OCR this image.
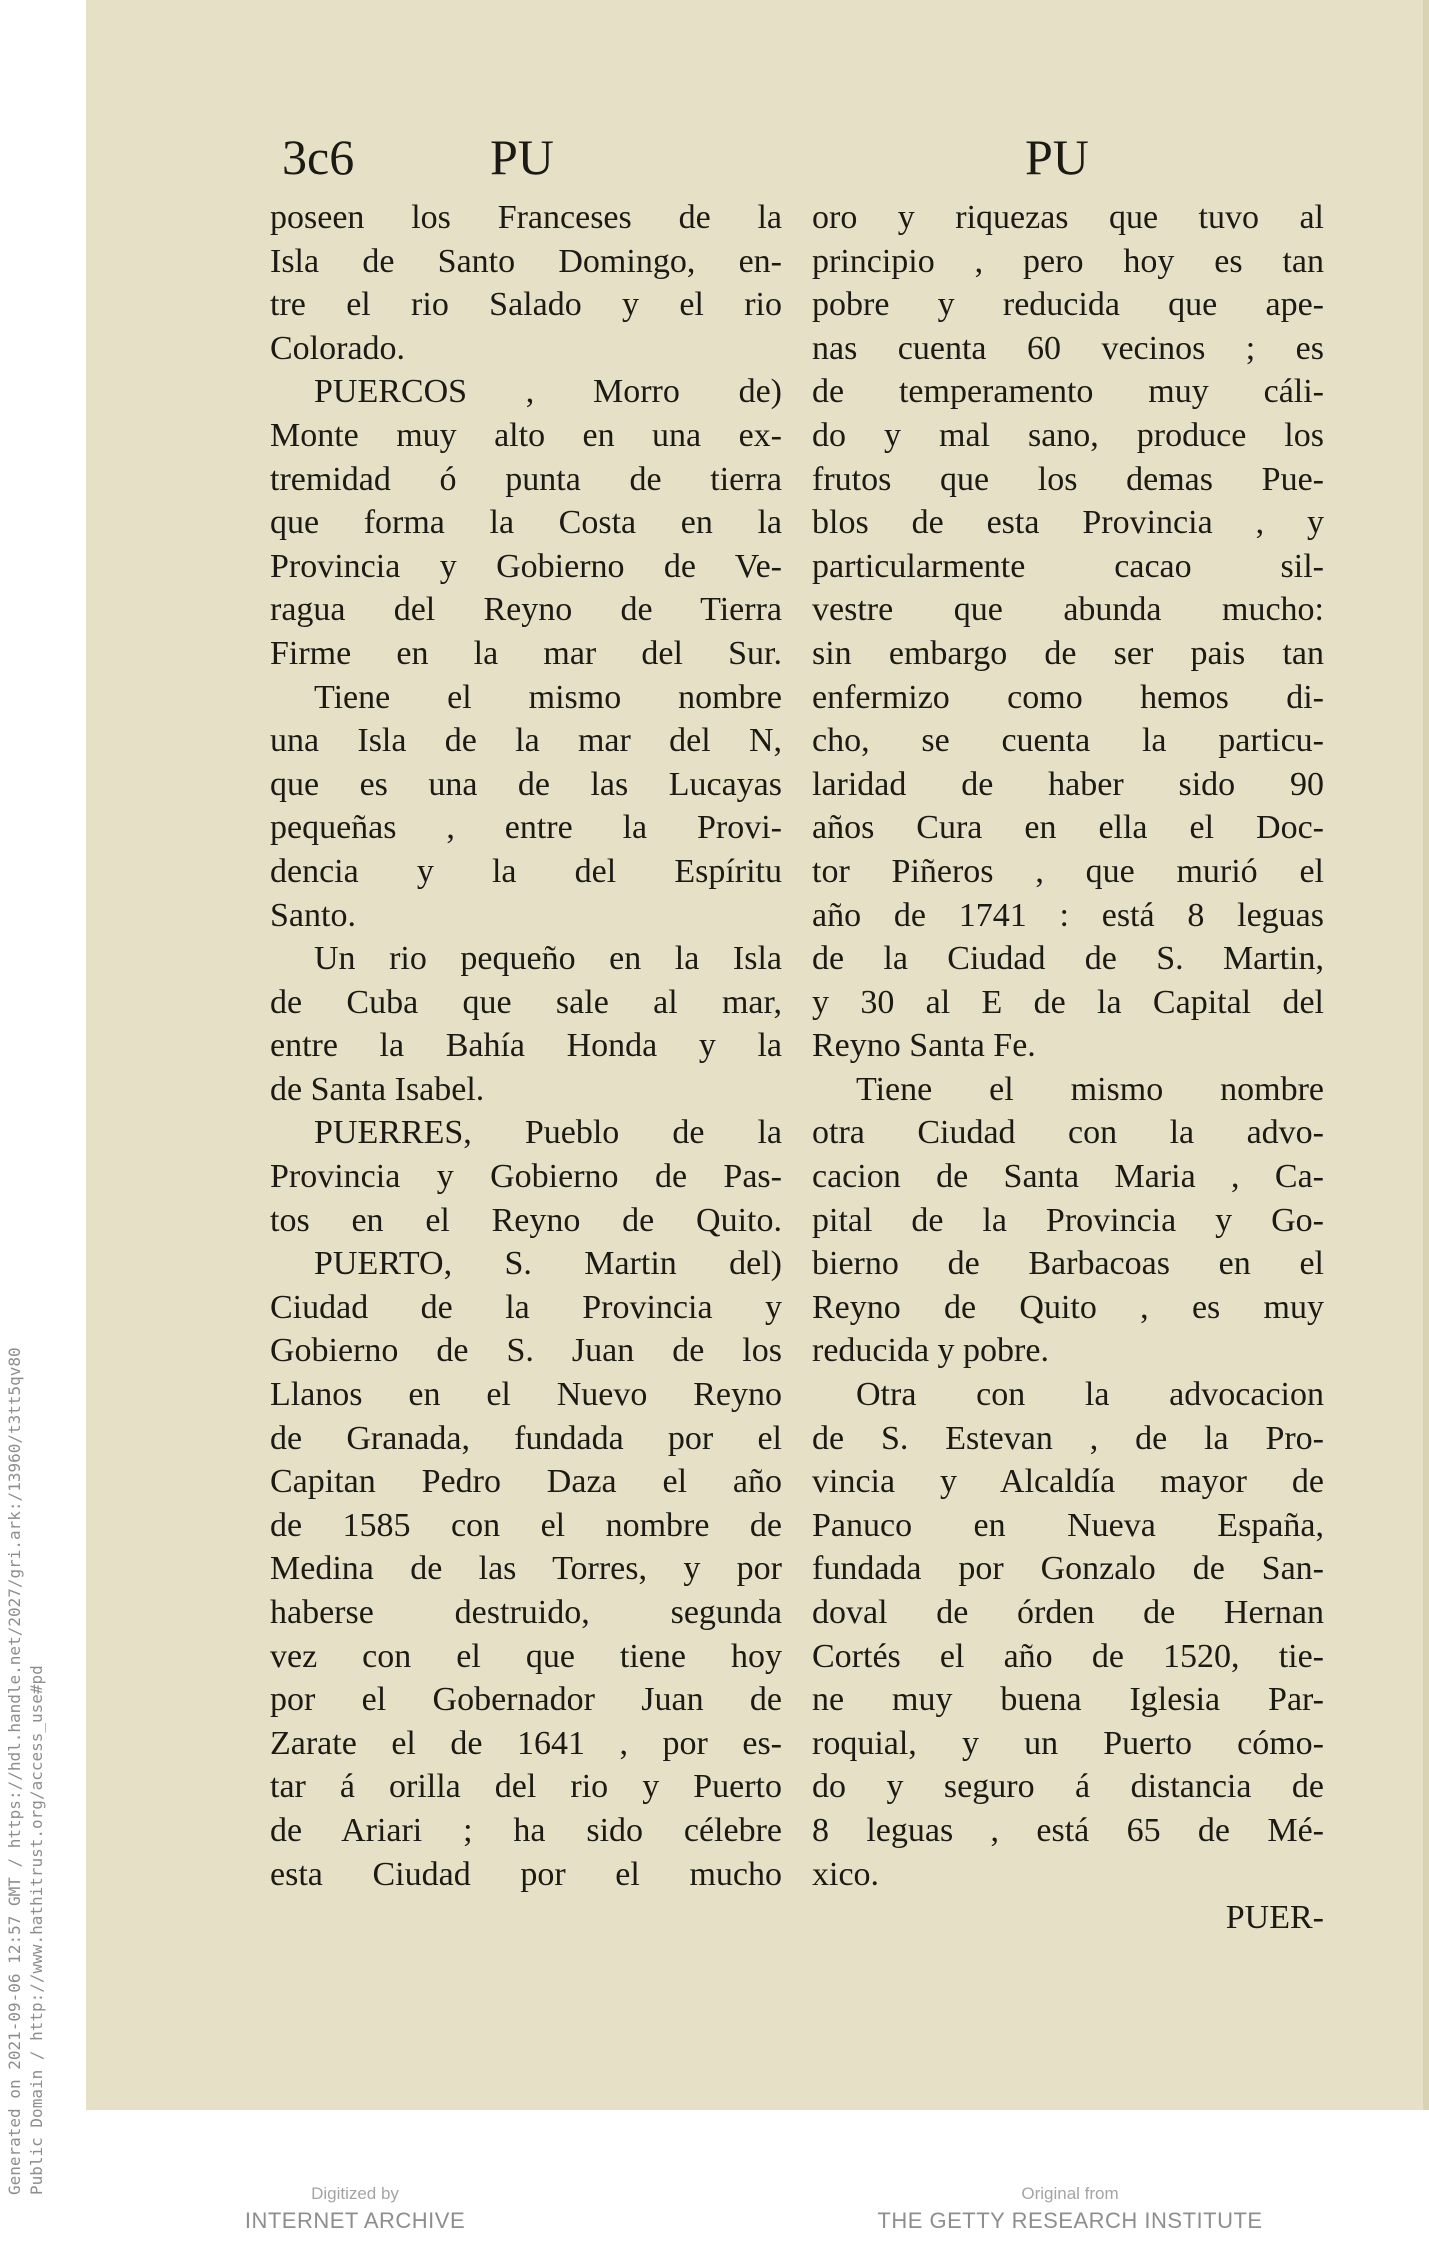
3c6	PU	PU
poseen los Franceses de la
Isla de Santo Domingo, en-
tre el rio Salado y el rio
Colorado.
PUERCOS , Morro de)
Monte muy alto en una ex-
tremidad ó punta de tierra
que forma la Costa en la
Provincia y Gobierno de Ve-
ragua del Reyno de Tierra
Firme en la mar del Sur.
Tiene el mismo nombre
una Isla de la mar del N,
que es una de las Lucayas
pequeñas , entre la Provi-
dencia y la del Espíritu
Santo.
Un rio pequeño en la Isla
de Cuba que sale al mar,
entre la Bahía Honda y la
de Santa Isabel.
PUERRES, Pueblo de la
Provincia y Gobierno de Pas-
tos en el Reyno de Quito.
PUERTO, S. Martin del)
Ciudad de la Provincia y
Gobierno de S. Juan de los
Llanos en el Nuevo Reyno
de Granada, fundada por el
Capitan Pedro Daza el año
de 1585 con el nombre de
Medina de las Torres, y por
haberse destruido, segunda
vez con el que tiene hoy
por el Gobernador Juan de
Zarate el de 1641 , por es-
tar á orilla del rio y Puerto
de Ariari ; ha sido célebre
esta Ciudad por el mucho
oro y riquezas que tuvo al
principio , pero hoy es tan
pobre y reducida que ape-
nas cuenta 60 vecinos ; es
de temperamento muy cáli-
do y mal sano, produce los
frutos que los demas Pue-
blos de esta Provincia , y
particularmente cacao sil-
vestre que abunda mucho:
sin embargo de ser pais tan
enfermizo como hemos di-
cho, se cuenta la particu-
laridad de haber sido 90
años Cura en ella el Doc-
tor Piñeros , que murió el
año de 1741 : está 8 leguas
de la Ciudad de S. Martin,
y 30 al E de la Capital del
Reyno Santa Fe.
Tiene el mismo nombre
otra Ciudad con la advo-
cacion de Santa Maria , Ca-
pital de la Provincia y Go-
bierno de Barbacoas en el
Reyno de Quito , es muy
reducida y pobre.
Otra con la advocacion
de S. Estevan , de la Pro-
vincia y Alcaldía mayor de
Panuco en Nueva España,
fundada por Gonzalo de San-
doval de órden de Hernan
Cortés el año de 1520, tie-
ne muy buena Iglesia Par-
roquial, y un Puerto cómo-
do y seguro á distancia de
8 leguas , está 65 de Mé-
xico.
PUER-
Generated on 2021-09-06 12:57 GMT / https://hdl.handle.net/2027/gri.ark:/13960/t3tt5qv80 Public Domain / http://www.hathitrust.org/access_use#pd	Digitized by
INTERNET ARCHIVE
Original from
THE GETTY RESEARCH INSTITUTE
